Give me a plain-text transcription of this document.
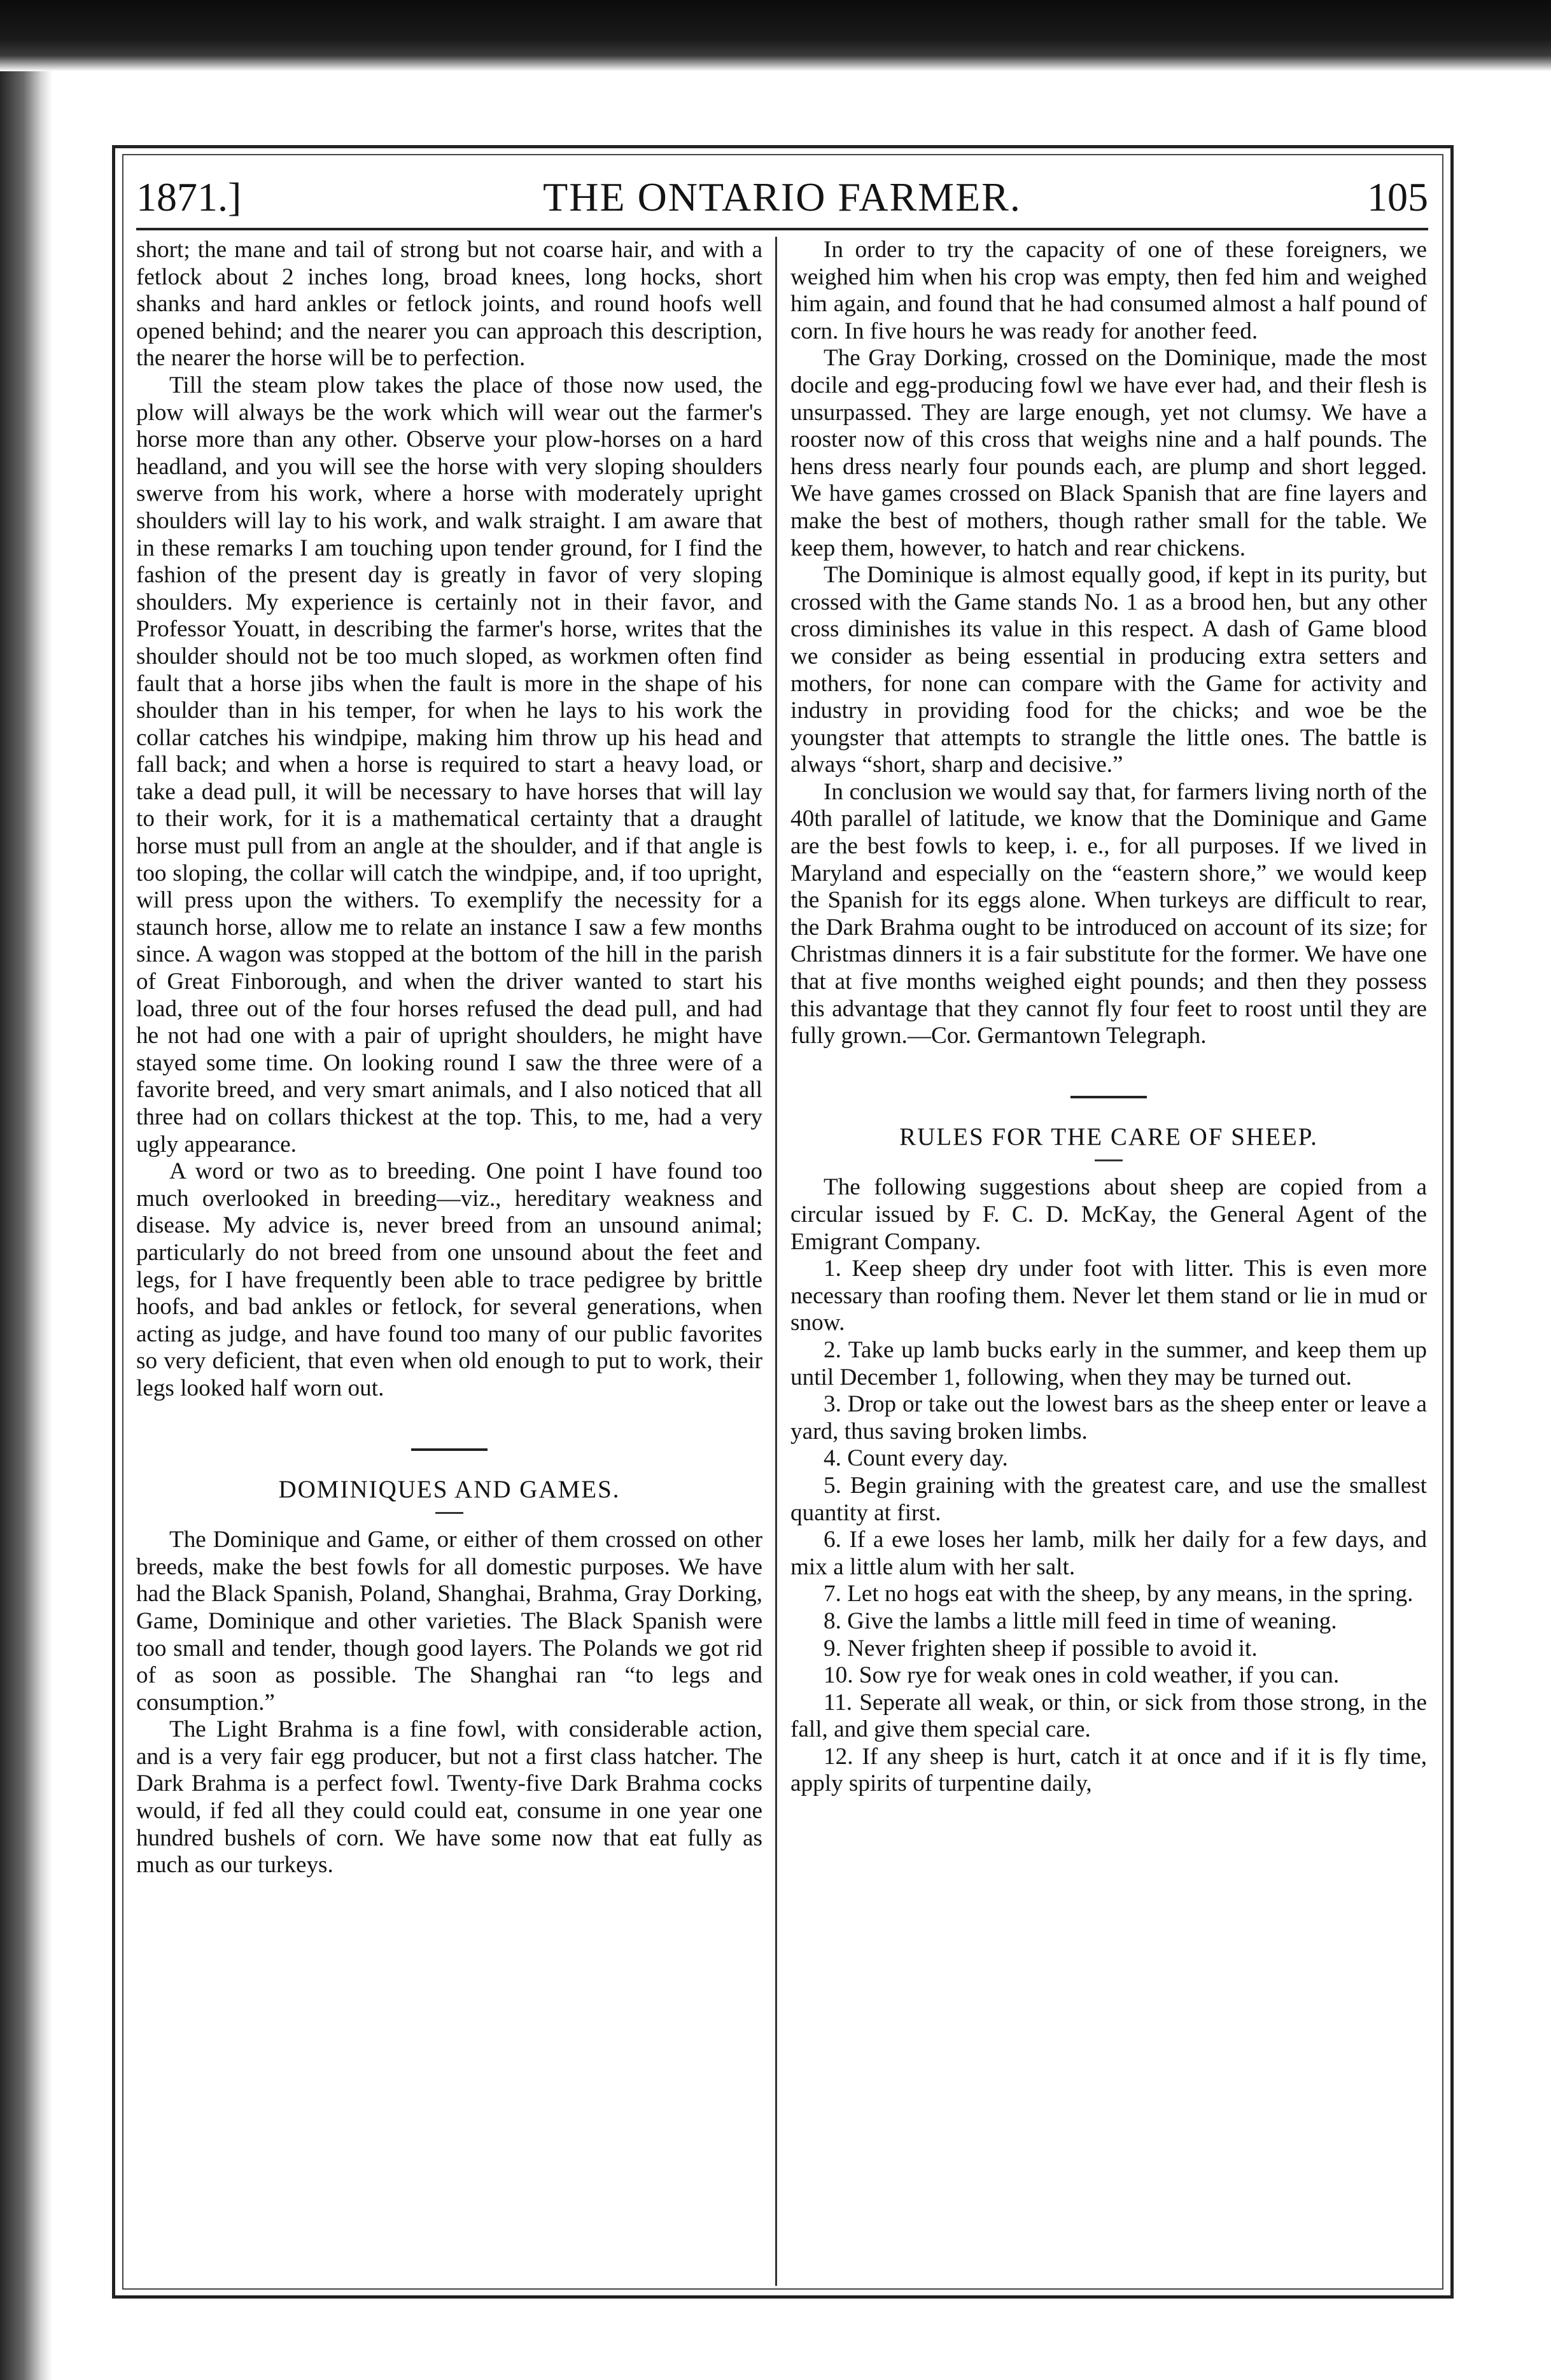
1871.]	THE ONTARIO FARMER.	105

short; the mane and tail of strong but not coarse hair, and with a fetlock about 2 inches long, broad knees, long hocks, short shanks and hard ankles or fetlock joints, and round hoofs well opened behind; and the nearer you can approach this description, the nearer the horse will be to perfection.

Till the steam plow takes the place of those now used, the plow will always be the work which will wear out the farmer's horse more than any other. Observe your plow-horses on a hard headland, and you will see the horse with very sloping shoulders swerve from his work, where a horse with moderately upright shoulders will lay to his work, and walk straight. I am aware that in these remarks I am touching upon tender ground, for I find the fashion of the present day is greatly in favor of very sloping shoulders. My experience is certainly not in their favor, and Professor Youatt, in describing the farmer's horse, writes that the shoulder should not be too much sloped, as workmen often find fault that a horse jibs when the fault is more in the shape of his shoulder than in his temper, for when he lays to his work the collar catches his windpipe, making him throw up his head and fall back; and when a horse is required to start a heavy load, or take a dead pull, it will be necessary to have horses that will lay to their work, for it is a mathematical certainty that a draught horse must pull from an angle at the shoulder, and if that angle is too sloping, the collar will catch the windpipe, and, if too upright, will press upon the withers. To exemplify the necessity for a staunch horse, allow me to relate an instance I saw a few months since. A wagon was stopped at the bottom of the hill in the parish of Great Finborough, and when the driver wanted to start his load, three out of the four horses refused the dead pull, and had he not had one with a pair of upright shoulders, he might have stayed some time. On looking round I saw the three were of a favorite breed, and very smart animals, and I also noticed that all three had on collars thickest at the top. This, to me, had a very ugly appearance.

A word or two as to breeding. One point I have found too much overlooked in breeding—viz., hereditary weakness and disease. My advice is, never breed from an unsound animal; particularly do not breed from one unsound about the feet and legs, for I have frequently been able to trace pedigree by brittle hoofs, and bad ankles or fetlock, for several generations, when acting as judge, and have found too many of our public favorites so very deficient, that even when old enough to put to work, their legs looked half worn out.

DOMINIQUES AND GAMES.

The Dominique and Game, or either of them crossed on other breeds, make the best fowls for all domestic purposes. We have had the Black Spanish, Poland, Shanghai, Brahma, Gray Dorking, Game, Dominique and other varieties. The Black Spanish were too small and tender, though good layers. The Polands we got rid of as soon as possible. The Shanghai ran “to legs and consumption.”

The Light Brahma is a fine fowl, with considerable action, and is a very fair egg producer, but not a first class hatcher. The Dark Brahma is a perfect fowl. Twenty-five Dark Brahma cocks would, if fed all they could could eat, consume in one year one hundred bushels of corn. We have some now that eat fully as much as our turkeys.

In order to try the capacity of one of these foreigners, we weighed him when his crop was empty, then fed him and weighed him again, and found that he had consumed almost a half pound of corn. In five hours he was ready for another feed.

The Gray Dorking, crossed on the Dominique, made the most docile and egg-producing fowl we have ever had, and their flesh is unsurpassed. They are large enough, yet not clumsy. We have a rooster now of this cross that weighs nine and a half pounds. The hens dress nearly four pounds each, are plump and short legged. We have games crossed on Black Spanish that are fine layers and make the best of mothers, though rather small for the table. We keep them, however, to hatch and rear chickens.

The Dominique is almost equally good, if kept in its purity, but crossed with the Game stands No. 1 as a brood hen, but any other cross diminishes its value in this respect. A dash of Game blood we consider as being essential in producing extra setters and mothers, for none can compare with the Game for activity and industry in providing food for the chicks; and woe be the youngster that attempts to strangle the little ones. The battle is always “short, sharp and decisive.”

In conclusion we would say that, for farmers living north of the 40th parallel of latitude, we know that the Dominique and Game are the best fowls to keep, i. e., for all purposes. If we lived in Maryland and especially on the “eastern shore,” we would keep the Spanish for its eggs alone. When turkeys are difficult to rear, the Dark Brahma ought to be introduced on account of its size; for Christmas dinners it is a fair substitute for the former. We have one that at five months weighed eight pounds; and then they possess this advantage that they cannot fly four feet to roost until they are fully grown.—Cor. Germantown Telegraph.

RULES FOR THE CARE OF SHEEP.

The following suggestions about sheep are copied from a circular issued by F. C. D. McKay, the General Agent of the Emigrant Company.

1. Keep sheep dry under foot with litter. This is even more necessary than roofing them. Never let them stand or lie in mud or snow.
2. Take up lamb bucks early in the summer, and keep them up until December 1, following, when they may be turned out.
3. Drop or take out the lowest bars as the sheep enter or leave a yard, thus saving broken limbs.
4. Count every day.
5. Begin graining with the greatest care, and use the smallest quantity at first.
6. If a ewe loses her lamb, milk her daily for a few days, and mix a little alum with her salt.
7. Let no hogs eat with the sheep, by any means, in the spring.
8. Give the lambs a little mill feed in time of weaning.
9. Never frighten sheep if possible to avoid it.
10. Sow rye for weak ones in cold weather, if you can.
11. Seperate all weak, or thin, or sick from those strong, in the fall, and give them special care.
12. If any sheep is hurt, catch it at once and if it is fly time, apply spirits of turpentine daily,
